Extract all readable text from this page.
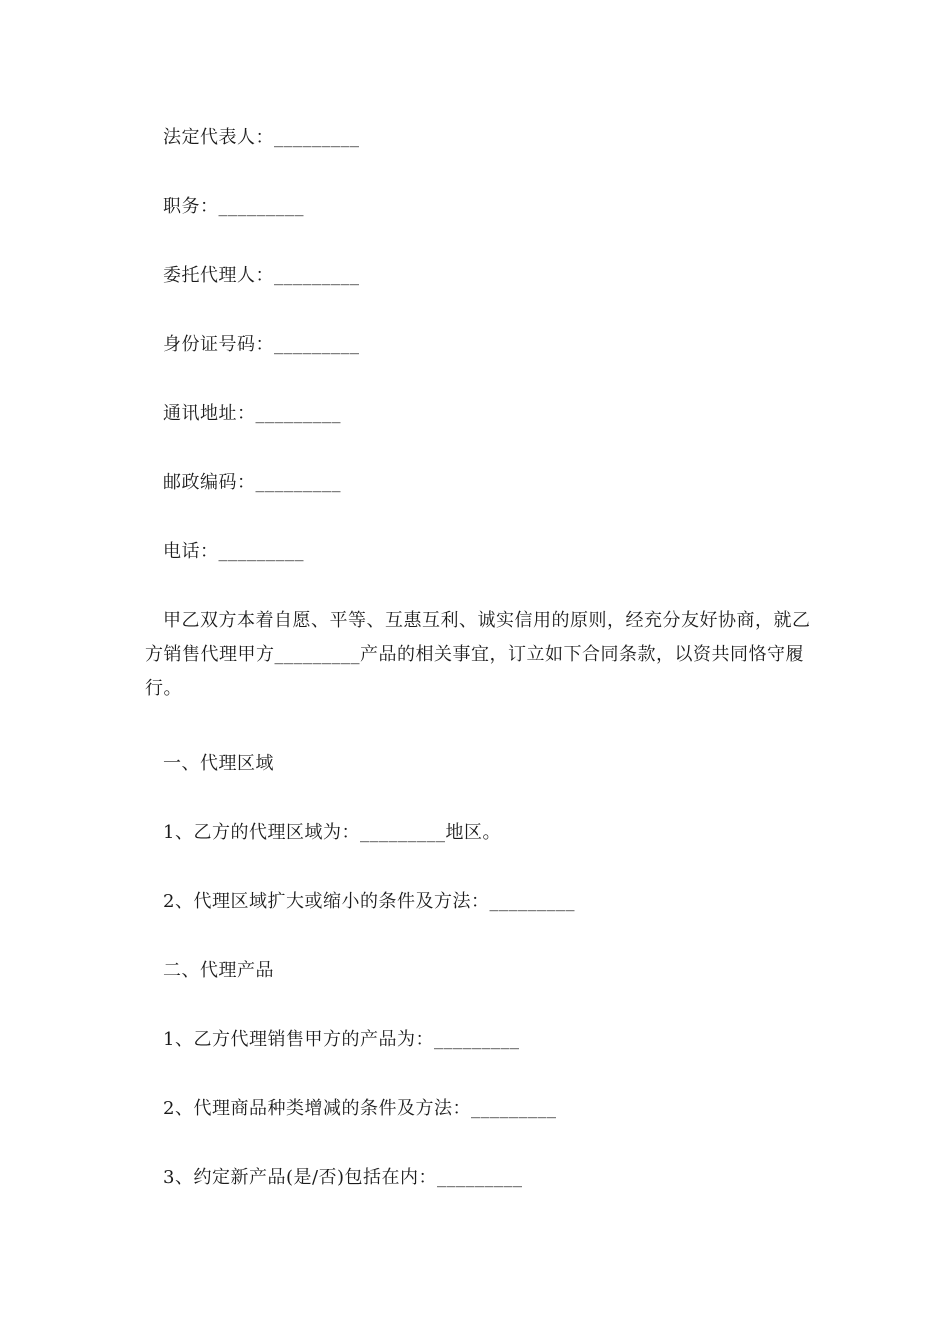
法定代表人：_________
职务：_________
委托代理人：_________
身份证号码：_________
通讯地址：_________
邮政编码：_________
电话：_________
甲乙双方本着自愿、平等、互惠互利、诚实信用的原则，经充分友好协商，就乙方销售代理甲方_________产品的相关事宜，订立如下合同条款，以资共同恪守履行。
一、代理区域
1、乙方的代理区域为：_________地区。
2、代理区域扩大或缩小的条件及方法：_________
二、代理产品
1、乙方代理销售甲方的产品为：_________
2、代理商品种类增减的条件及方法：_________
3、约定新产品(是/否)包括在内：_________
